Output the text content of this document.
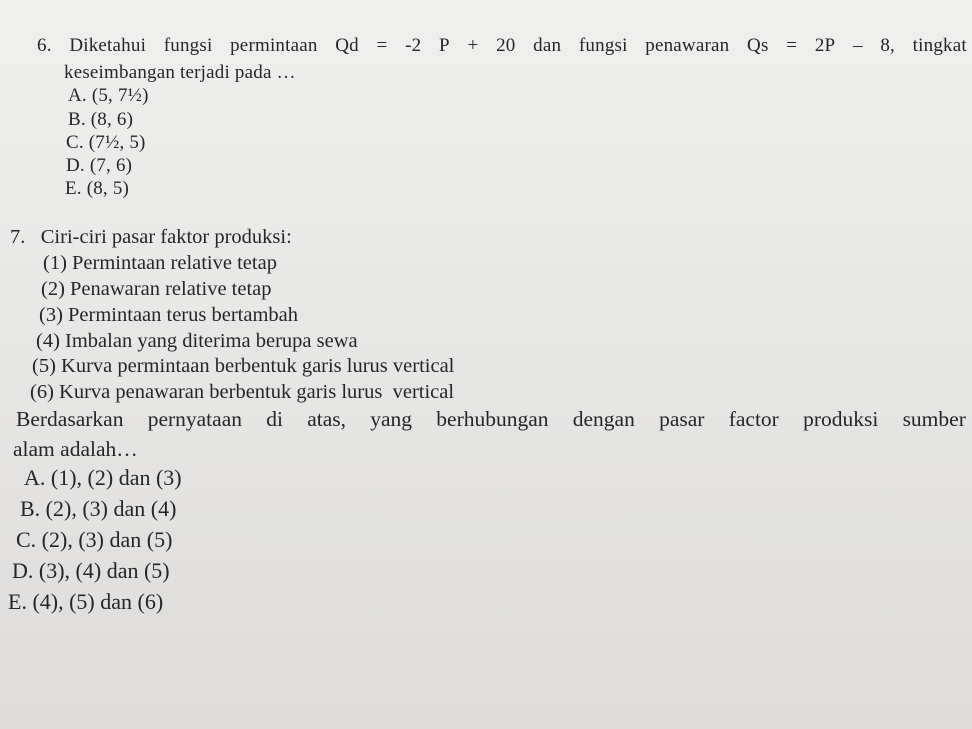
6. Diketahui fungsi permintaan Qd = -2 P + 20 dan fungsi penawaran Qs = 2P – 8, tingkat
keseimbangan terjadi pada …
A. (5, 7½)
B. (8, 6)
C. (7½, 5)
D. (7, 6)
E. (8, 5)
7.   Ciri-ciri pasar faktor produksi:
(1) Permintaan relative tetap
(2) Penawaran relative tetap
(3) Permintaan terus bertambah
(4) Imbalan yang diterima berupa sewa
(5) Kurva permintaan berbentuk garis lurus vertical
(6) Kurva penawaran berbentuk garis lurus  vertical
Berdasarkan pernyataan di atas, yang berhubungan dengan pasar factor produksi sumber
alam adalah…
A. (1), (2) dan (3)
B. (2), (3) dan (4)
C. (2), (3) dan (5)
D. (3), (4) dan (5)
E. (4), (5) dan (6)
